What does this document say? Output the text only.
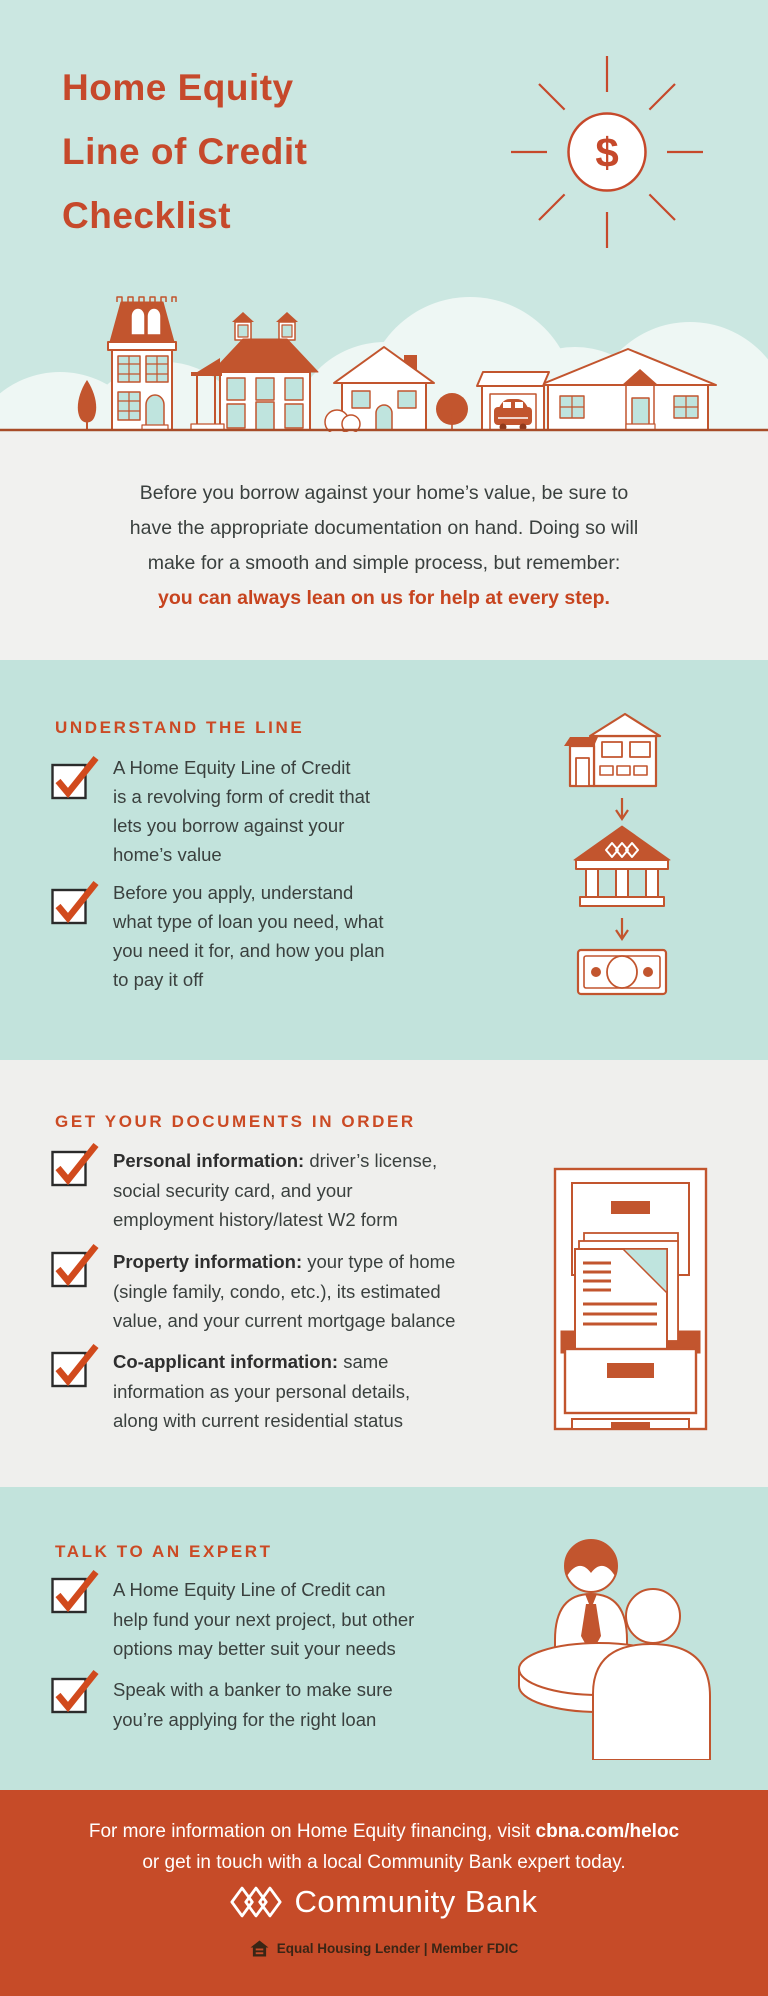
Home Equity
Line of Credit
Checklist
$
Before you borrow against your home’s value, be sure to
have the appropriate documentation on hand. Doing so will
make for a smooth and simple process, but remember:
you can always lean on us for help at every step.
UNDERSTAND THE LINE
A Home Equity Line of Credit
is a revolving form of credit that
lets you borrow against your
home’s value
Before you apply, understand
what type of loan you need, what
you need it for, and how you plan
to pay it off
GET YOUR DOCUMENTS IN ORDER
Personal information: driver’s license,
social security card, and your
employment history/latest W2 form
Property information: your type of home
(single family, condo, etc.), its estimated
value, and your current mortgage balance
Co-applicant information: same
information as your personal details,
along with current residential status
TALK TO AN EXPERT
A Home Equity Line of Credit can
help fund your next project, but other
options may better suit your needs
Speak with a banker to make sure
you’re applying for the right loan
For more information on Home Equity financing, visit cbna.com/heloc
or get in touch with a local Community Bank expert today.
Community Bank
Equal Housing Lender | Member FDIC
